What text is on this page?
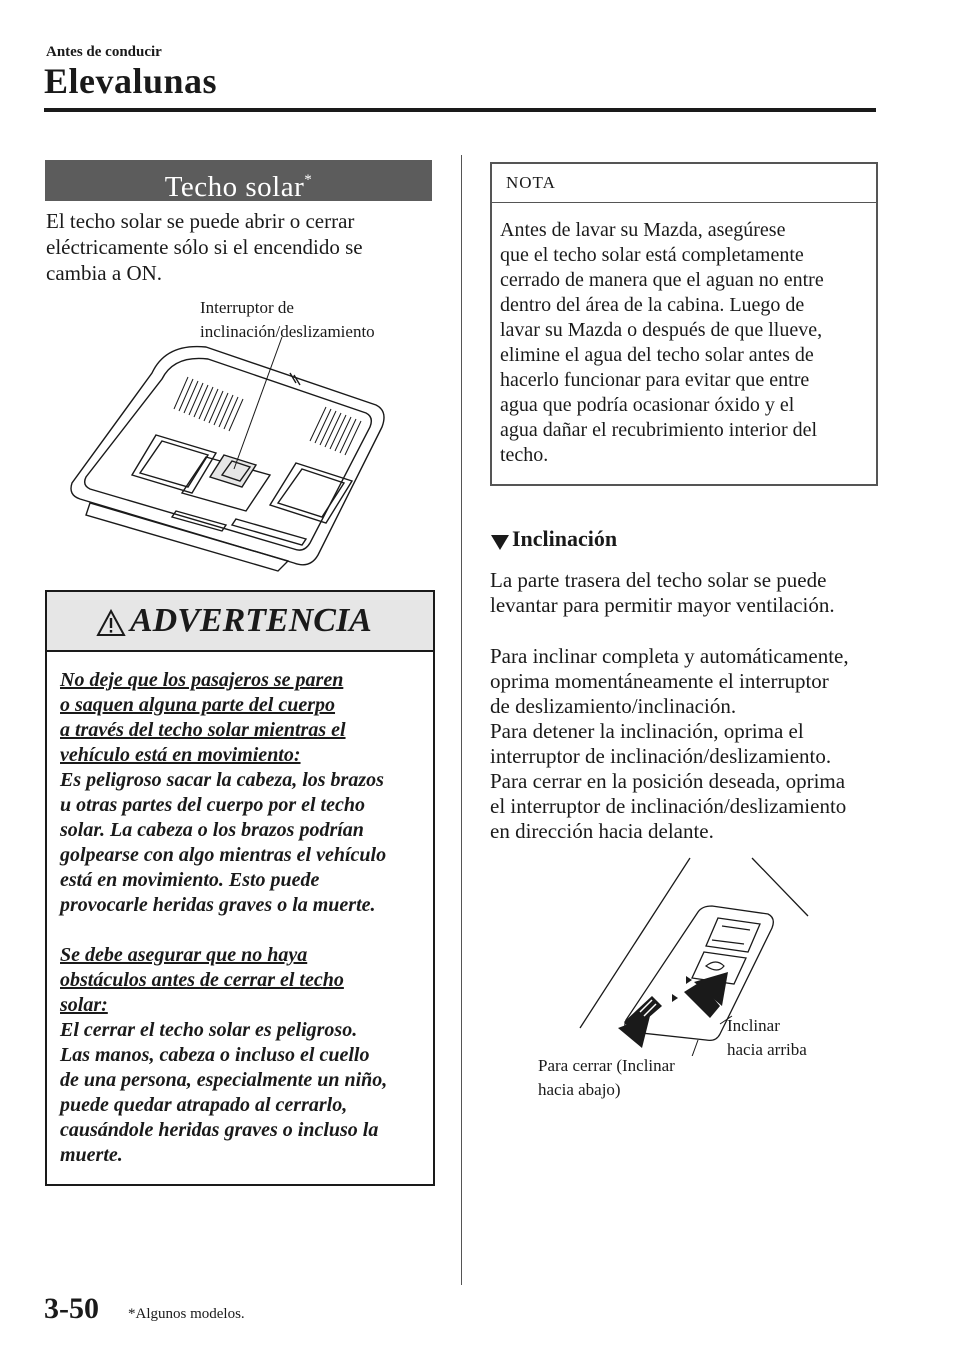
Antes de conducir
Elevalunas
Techo solar*
El techo solar se puede abrir o cerrar
eléctricamente sólo si el encendido se
cambia a ON.
Interruptor de
inclinación/deslizamiento
ADVERTENCIA
No deje que los pasajeros se paren
o saquen alguna parte del cuerpo
a través del techo solar mientras el
vehículo está en movimiento:
Es peligroso sacar la cabeza, los brazos
u otras partes del cuerpo por el techo
solar. La cabeza o los brazos podrían
golpearse con algo mientras el vehículo
está en movimiento. Esto puede
provocarle heridas graves o la muerte.
Se debe asegurar que no haya
obstáculos antes de cerrar el techo
solar:
El cerrar el techo solar es peligroso.
Las manos, cabeza o incluso el cuello
de una persona, especialmente un niño,
puede quedar atrapado al cerrarlo,
causándole heridas graves o incluso la
muerte.
NOTA
Antes de lavar su Mazda, asegúrese
que el techo solar está completamente
cerrado de manera que el aguan no entre
dentro del área de la cabina. Luego de
lavar su Mazda o después de que llueve,
elimine el agua del techo solar antes de
hacerlo funcionar para evitar que entre
agua que podría ocasionar óxido y el
agua dañar el recubrimiento interior del
techo.
Inclinación
La parte trasera del techo solar se puede
levantar para permitir mayor ventilación.
Para inclinar completa y automáticamente,
oprima momentáneamente el interruptor
de deslizamiento/inclinación.
Para detener la inclinación, oprima el
interruptor de inclinación/deslizamiento.
Para cerrar en la posición deseada, oprima
el interruptor de inclinación/deslizamiento
en dirección hacia delante.
Inclinar
hacia arriba
Para cerrar (Inclinar
hacia abajo)
3-50 *Algunos modelos.
